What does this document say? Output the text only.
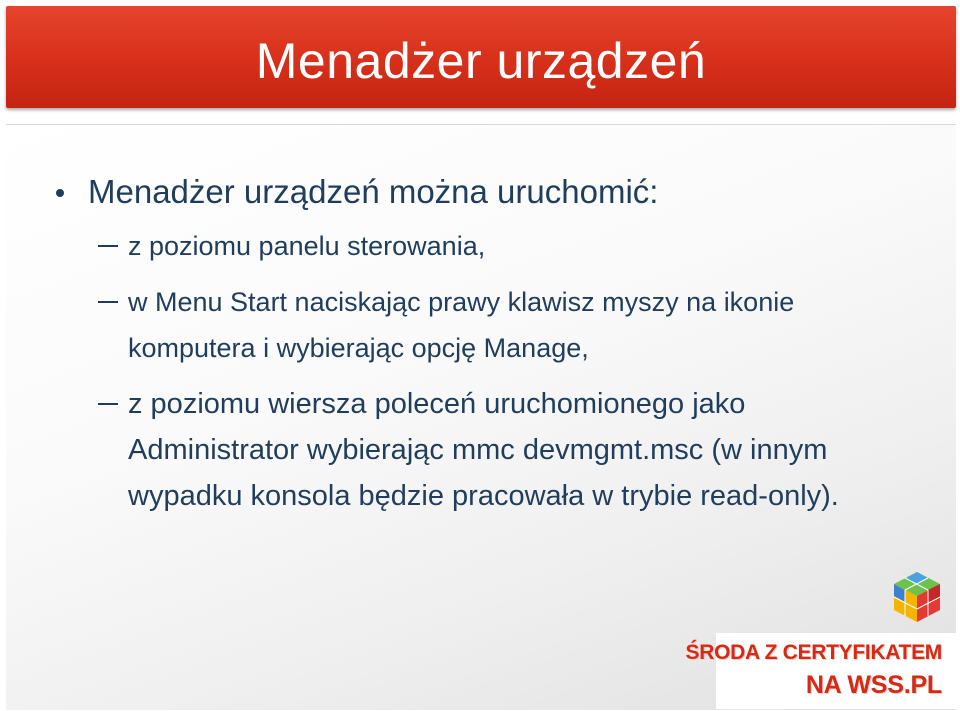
Menadżer urządzeń
Menadżer urządzeń można uruchomić:
z poziomu panelu sterowania,
w Menu Start naciskając prawy klawisz myszy na ikonie komputera i wybierając opcję Manage,
z poziomu wiersza poleceń uruchomionego jako Administrator wybierając mmc devmgmt.msc (w innym wypadku konsola będzie pracowała w trybie read-only).
ŚRODA Z CERTYFIKATEM
NA WSS.PL
